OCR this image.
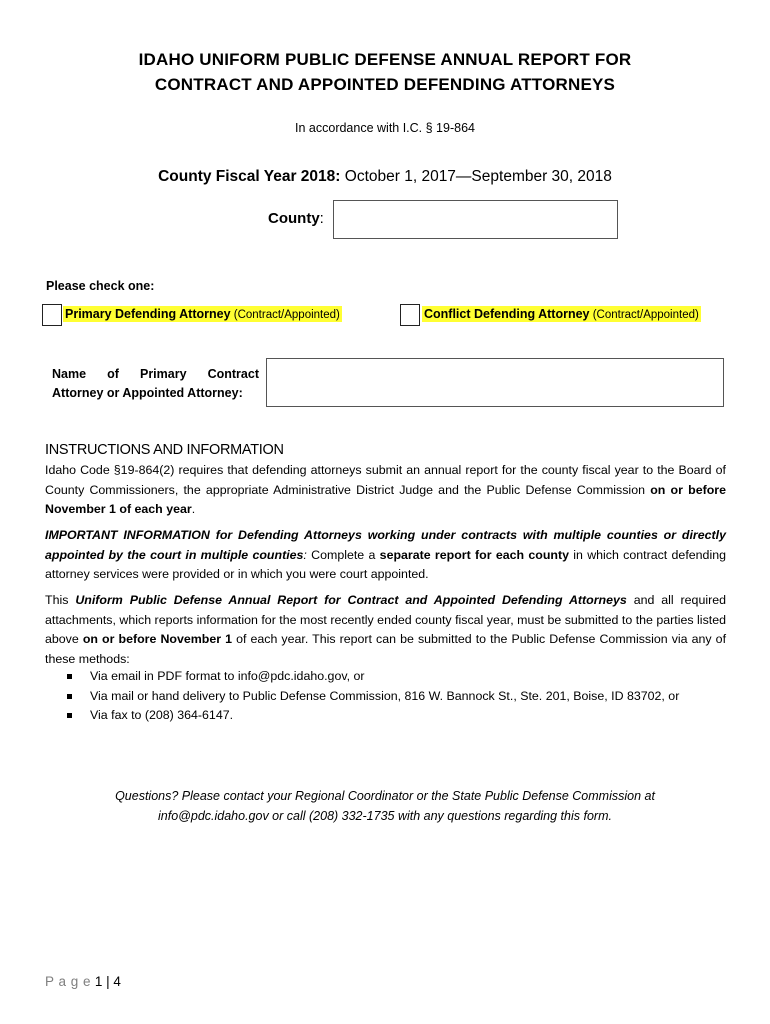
IDAHO UNIFORM PUBLIC DEFENSE ANNUAL REPORT FOR
CONTRACT AND APPOINTED DEFENDING ATTORNEYS
In accordance with I.C. § 19-864
County Fiscal Year 2018: October 1, 2017—September 30, 2018
County:
Please check one:
Primary Defending Attorney (Contract/Appointed)	Conflict Defending Attorney (Contract/Appointed)
Name of Primary Contract
Attorney or Appointed Attorney:
INSTRUCTIONS AND INFORMATION
Idaho Code §19-864(2) requires that defending attorneys submit an annual report for the county fiscal year to the Board of County Commissioners, the appropriate Administrative District Judge and the Public Defense Commission on or before November 1 of each year.
IMPORTANT INFORMATION for Defending Attorneys working under contracts with multiple counties or directly appointed by the court in multiple counties: Complete a separate report for each county in which contract defending attorney services were provided or in which you were court appointed.
This Uniform Public Defense Annual Report for Contract and Appointed Defending Attorneys and all required attachments, which reports information for the most recently ended county fiscal year, must be submitted to the parties listed above on or before November 1 of each year. This report can be submitted to the Public Defense Commission via any of these methods:
Via email in PDF format to info@pdc.idaho.gov, or
Via mail or hand delivery to Public Defense Commission, 816 W. Bannock St., Ste. 201, Boise, ID 83702, or
Via fax to (208) 364-6147.
Questions? Please contact your Regional Coordinator or the State Public Defense Commission at
info@pdc.idaho.gov or call (208) 332-1735 with any questions regarding this form.
P a g e 1 | 4
